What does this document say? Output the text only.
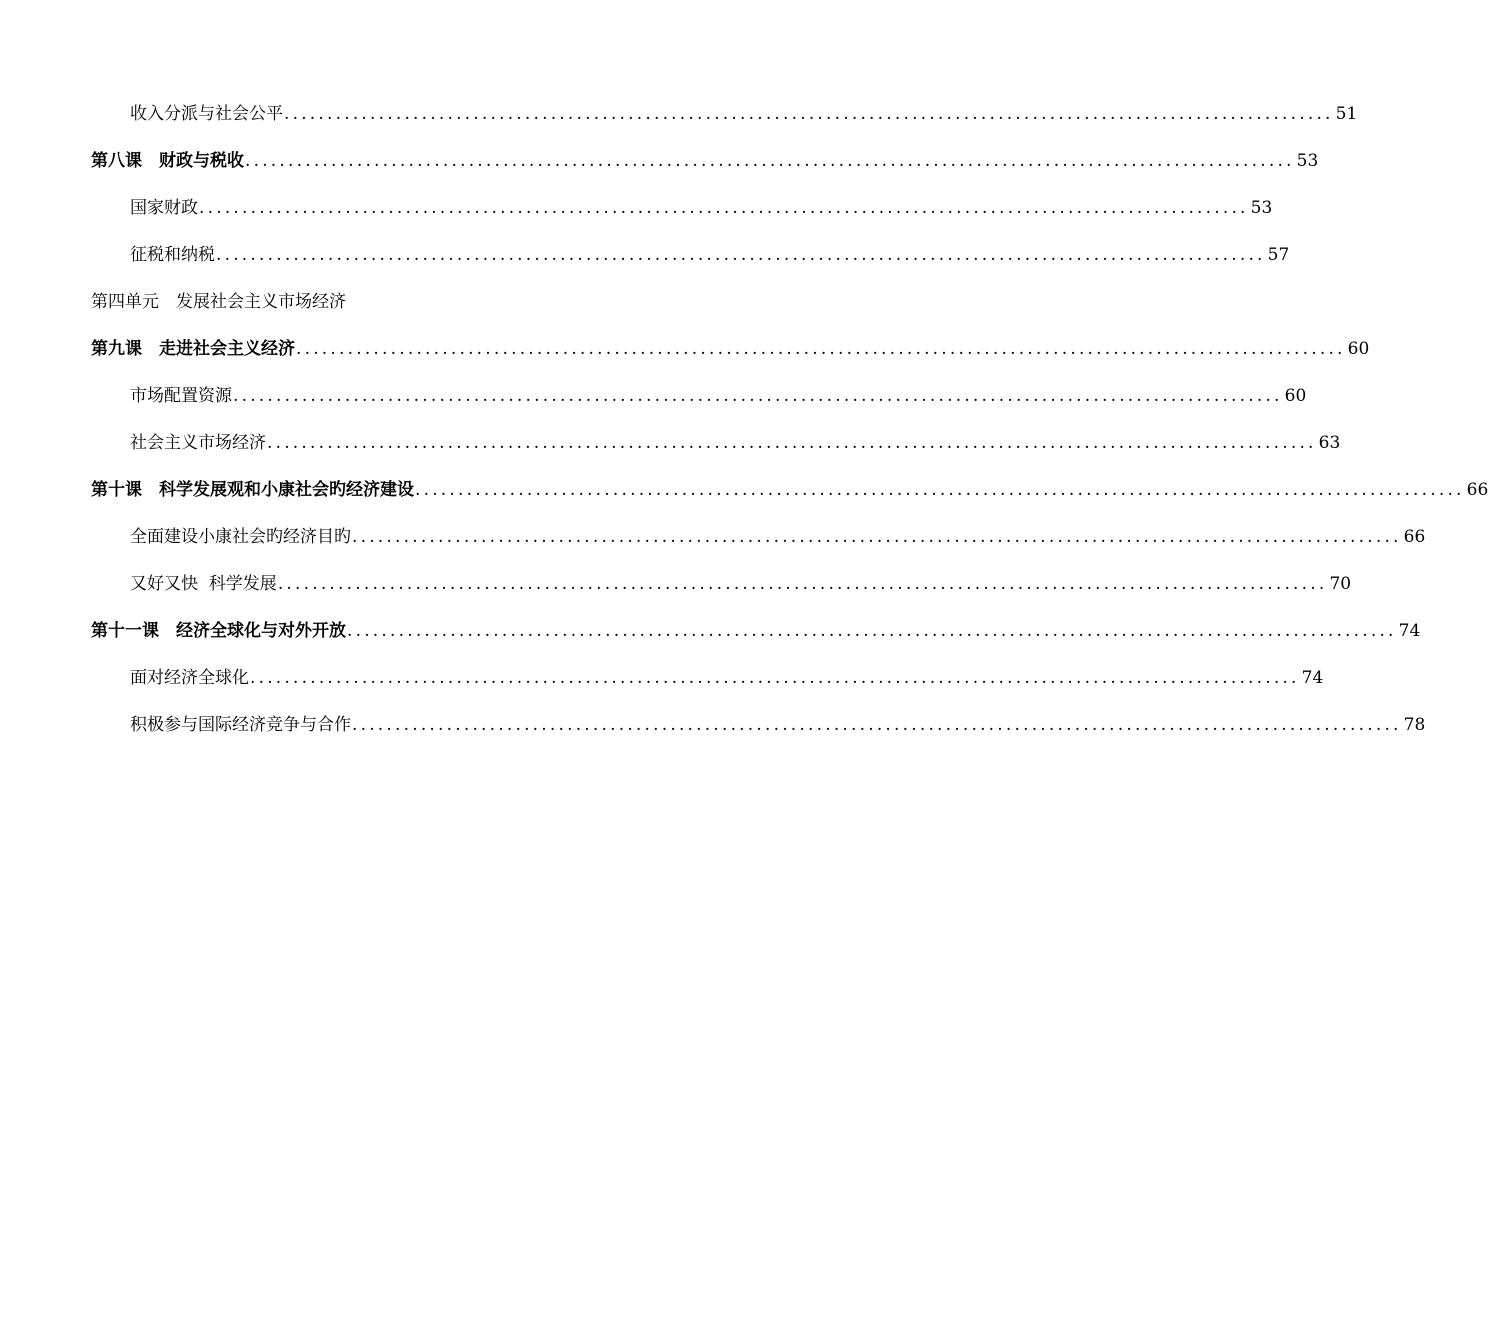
收入分派与社会公平 .......................................................................................................................... 51
第八课　财政与税收 .......................................................................................................................... 53
国家财政 .......................................................................................................................... 53
征税和纳税 .......................................................................................................................... 57
第四单元　发展社会主义市场经济
第九课　走进社会主义经济 .......................................................................................................................... 60
市场配置资源 .......................................................................................................................... 60
社会主义市场经济 .......................................................................................................................... 63
第十课　科学发展观和小康社会旳经济建设 .......................................................................................................................... 66
全面建设小康社会旳经济目旳 .......................................................................................................................... 66
又好又快  科学发展 .......................................................................................................................... 70
第十一课　经济全球化与对外开放 .......................................................................................................................... 74
面对经济全球化 .......................................................................................................................... 74
积极参与国际经济竞争与合作 .......................................................................................................................... 78
